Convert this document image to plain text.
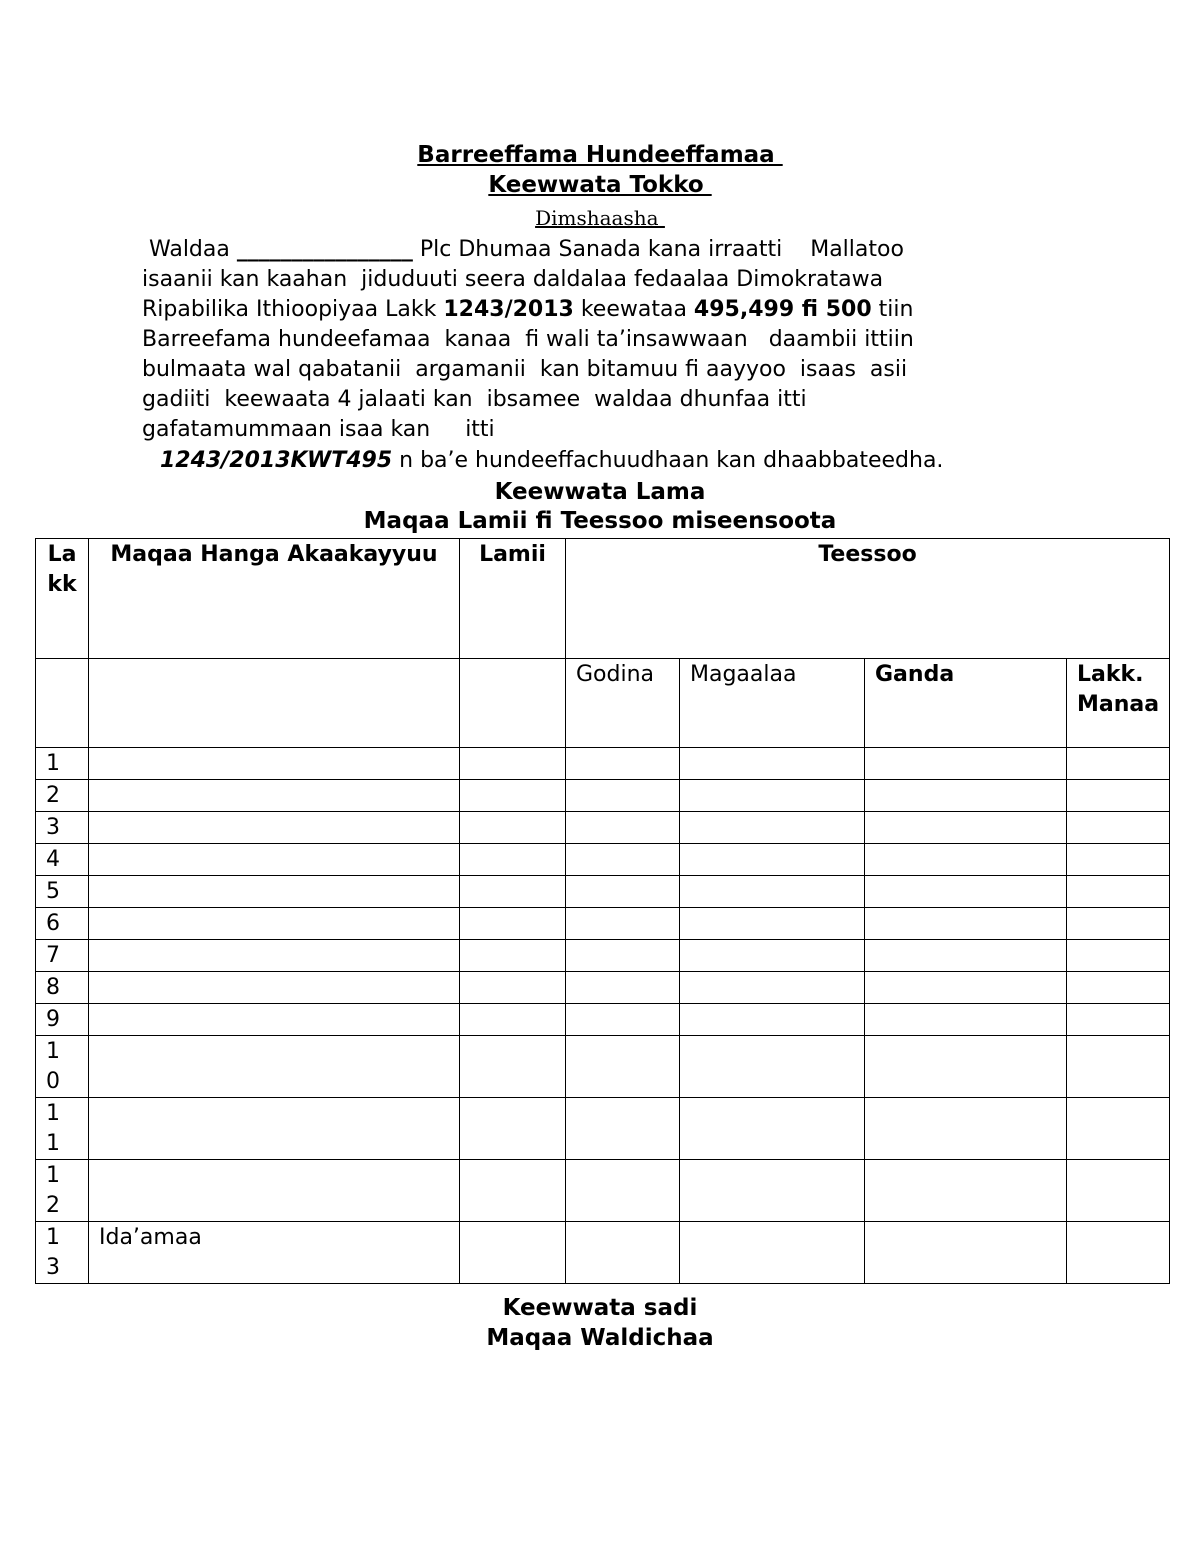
Barreeffama Hundeeffamaa
Keewwata Tokko
Dimshaasha

Waldaa ________________ Plc Dhumaa Sanada kana irraatti    Mallatoo

isaanii kan kaahan  jiduduuti seera daldalaa fedaalaa Dimokratawa

Ripabilika Ithioopiyaa Lakk 1243/2013 keewataa 495,499 fi 500 tiin

Barreefama hundeefamaa  kanaa  fi wali ta’insawwaan   daambii ittiin

bulmaata wal qabatanii  argamanii  kan bitamuu fi aayyoo  isaas  asii

gadiiti  keewaata 4 jalaati kan  ibsamee  waldaa dhunfaa itti

gafatamummaan isaa kan     itti

1243/2013KWT495 n ba’e hundeeffachuudhaan kan dhaabbateedha.
Keewwata Lama
Maqaa Lamii fi Teessoo miseensoota
Lakk	Maqaa Hanga Akaakayyuu	Lamii	Teessoo			
			Godina	Magaalaa	Ganda	Lakk. Manaa
1						
2						
3						
4						
5						
6						
7						
8						
9						
10						
11						
12						
13	Ida’amaa					
Keewwata sadi
Maqaa Waldichaa
